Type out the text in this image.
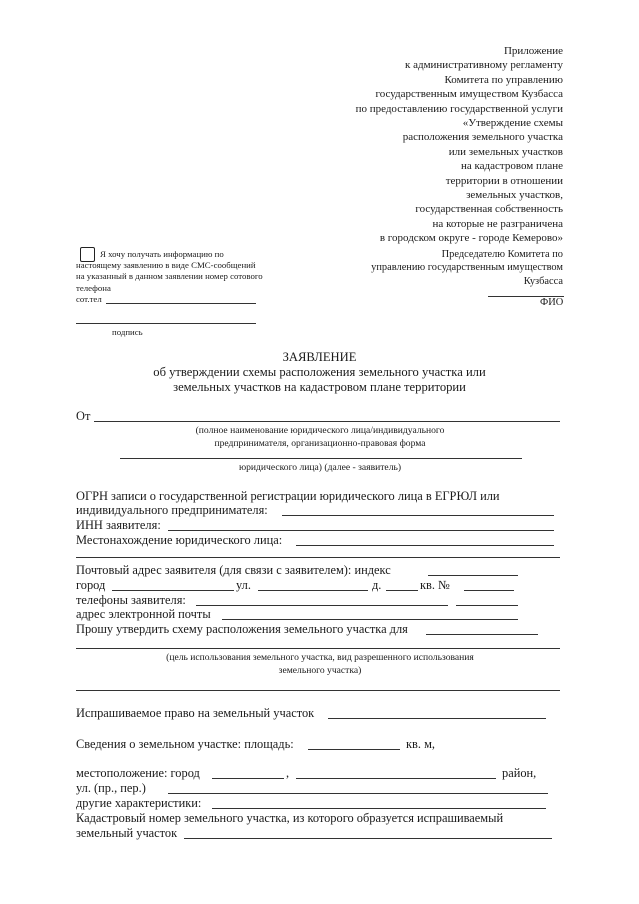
Приложение
к административному регламенту
Комитета по управлению
государственным имуществом Кузбасса
по предоставлению государственной услуги
«Утверждение схемы
расположения земельного участка
или земельных участков
на кадастровом плане
территории в отношении
земельных участков,
государственная собственность
на которые не разграничена
в городском округе - городе Кемерово»
Председателю Комитета по
управлению государственным имуществом
Кузбасса
ФИО
Я хочу получать информацию по
настоящему заявлению в виде СМС-сообщений
на указанный в данном заявлении номер сотового
телефона
сот.тел
подпись
ЗАЯВЛЕНИЕ
об утверждении схемы расположения земельного участка или
земельных участков на кадастровом плане территории
От
(полное наименование юридического лица/индивидуального
предпринимателя, организационно-правовая форма
юридического лица) (далее - заявитель)
ОГРН записи о государственной регистрации юридического лица в ЕГРЮЛ или
индивидуального предпринимателя:
ИНН заявителя:
Местонахождение юридического лица:
Почтовый адрес заявителя (для связи с заявителем): индекс
город	ул.	д.	кв. №
телефоны заявителя:
адрес электронной почты
Прошу утвердить схему расположения земельного участка для
(цель использования земельного участка, вид разрешенного использования
земельного участка)
Испрашиваемое право на земельный участок
Сведения о земельном участке: площадь:	кв. м,
местоположение: город	,	район,
ул. (пр., пер.)
другие характеристики:
Кадастровый номер земельного участка, из которого образуется испрашиваемый
земельный участок
